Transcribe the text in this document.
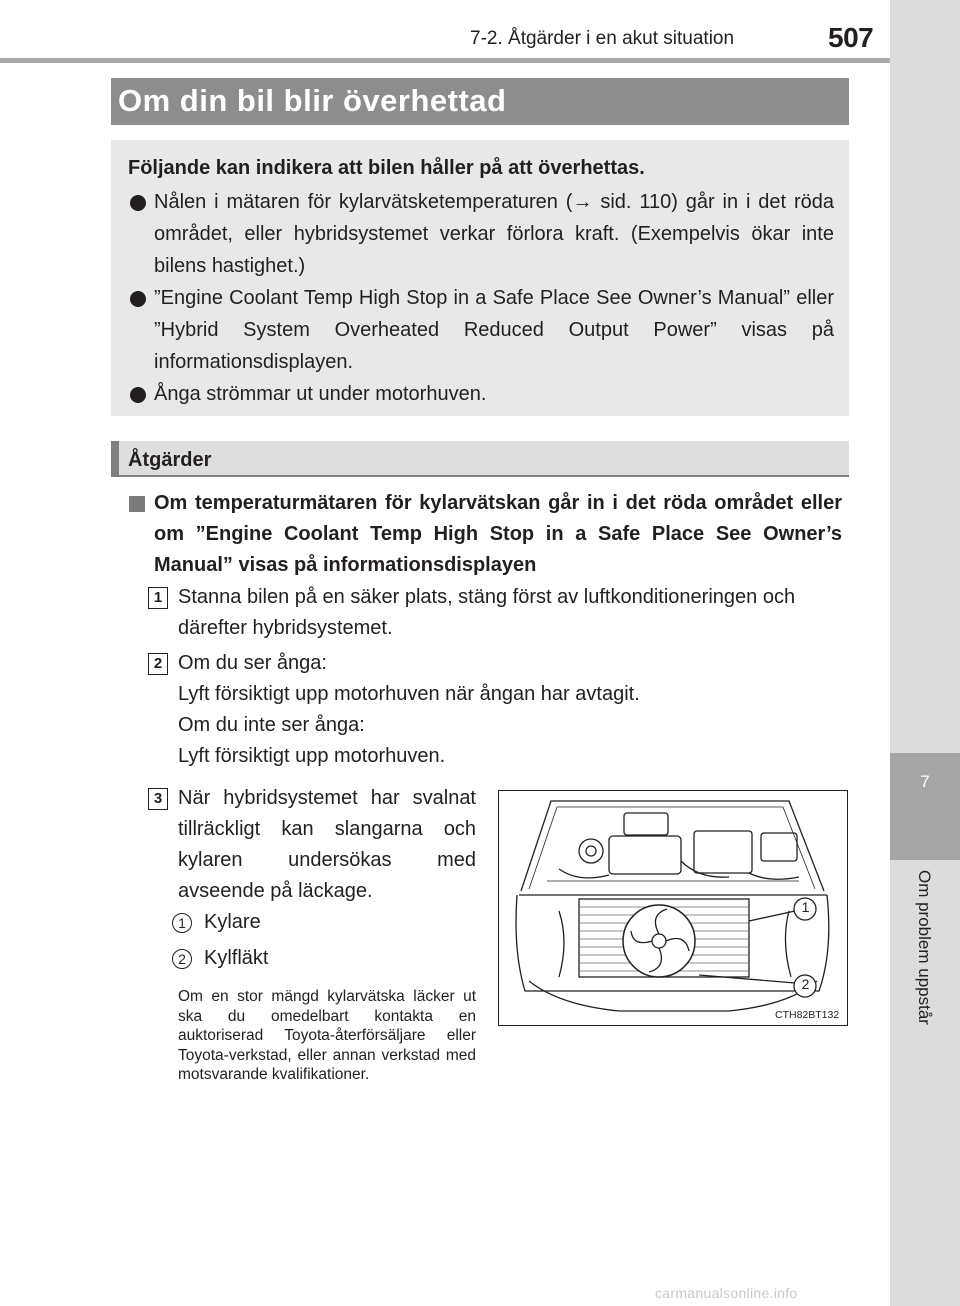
7-2. Åtgärder i en akut situation	507
7
Om problem uppstår
Om din bil blir överhettad
Följande kan indikera att bilen håller på att överhettas.
Nålen i mätaren för kylarvätsketemperaturen (→ sid. 110) går in i det röda området, eller hybridsystemet verkar förlora kraft. (Exempelvis ökar inte bilens hastighet.)
”Engine Coolant Temp High Stop in a Safe Place See Owner’s Manual” eller ”Hybrid System Overheated Reduced Output Power” visas på informationsdisplayen.
Ånga strömmar ut under motorhuven.
Åtgärder
Om temperaturmätaren för kylarvätskan går in i det röda området eller om ”Engine Coolant Temp High Stop in a Safe Place See Owner’s Manual” visas på informationsdisplayen
1 Stanna bilen på en säker plats, stäng först av luftkonditioneringen och därefter hybridsystemet.
2 Om du ser ånga:
Lyft försiktigt upp motorhuven när ångan har avtagit.
Om du inte ser ånga:
Lyft försiktigt upp motorhuven.
3 När hybridsystemet har svalnat tillräckligt kan slangarna och kylaren undersökas med avseende på läckage.
1 Kylare
2 Kylfläkt
Om en stor mängd kylarvätska läcker ut ska du omedelbart kontakta en auktoriserad Toyota-återförsäljare eller Toyota-verkstad, eller annan verkstad med motsvarande kvalifikationer.
1
2
CTH82BT132
carmanualsonline.info
